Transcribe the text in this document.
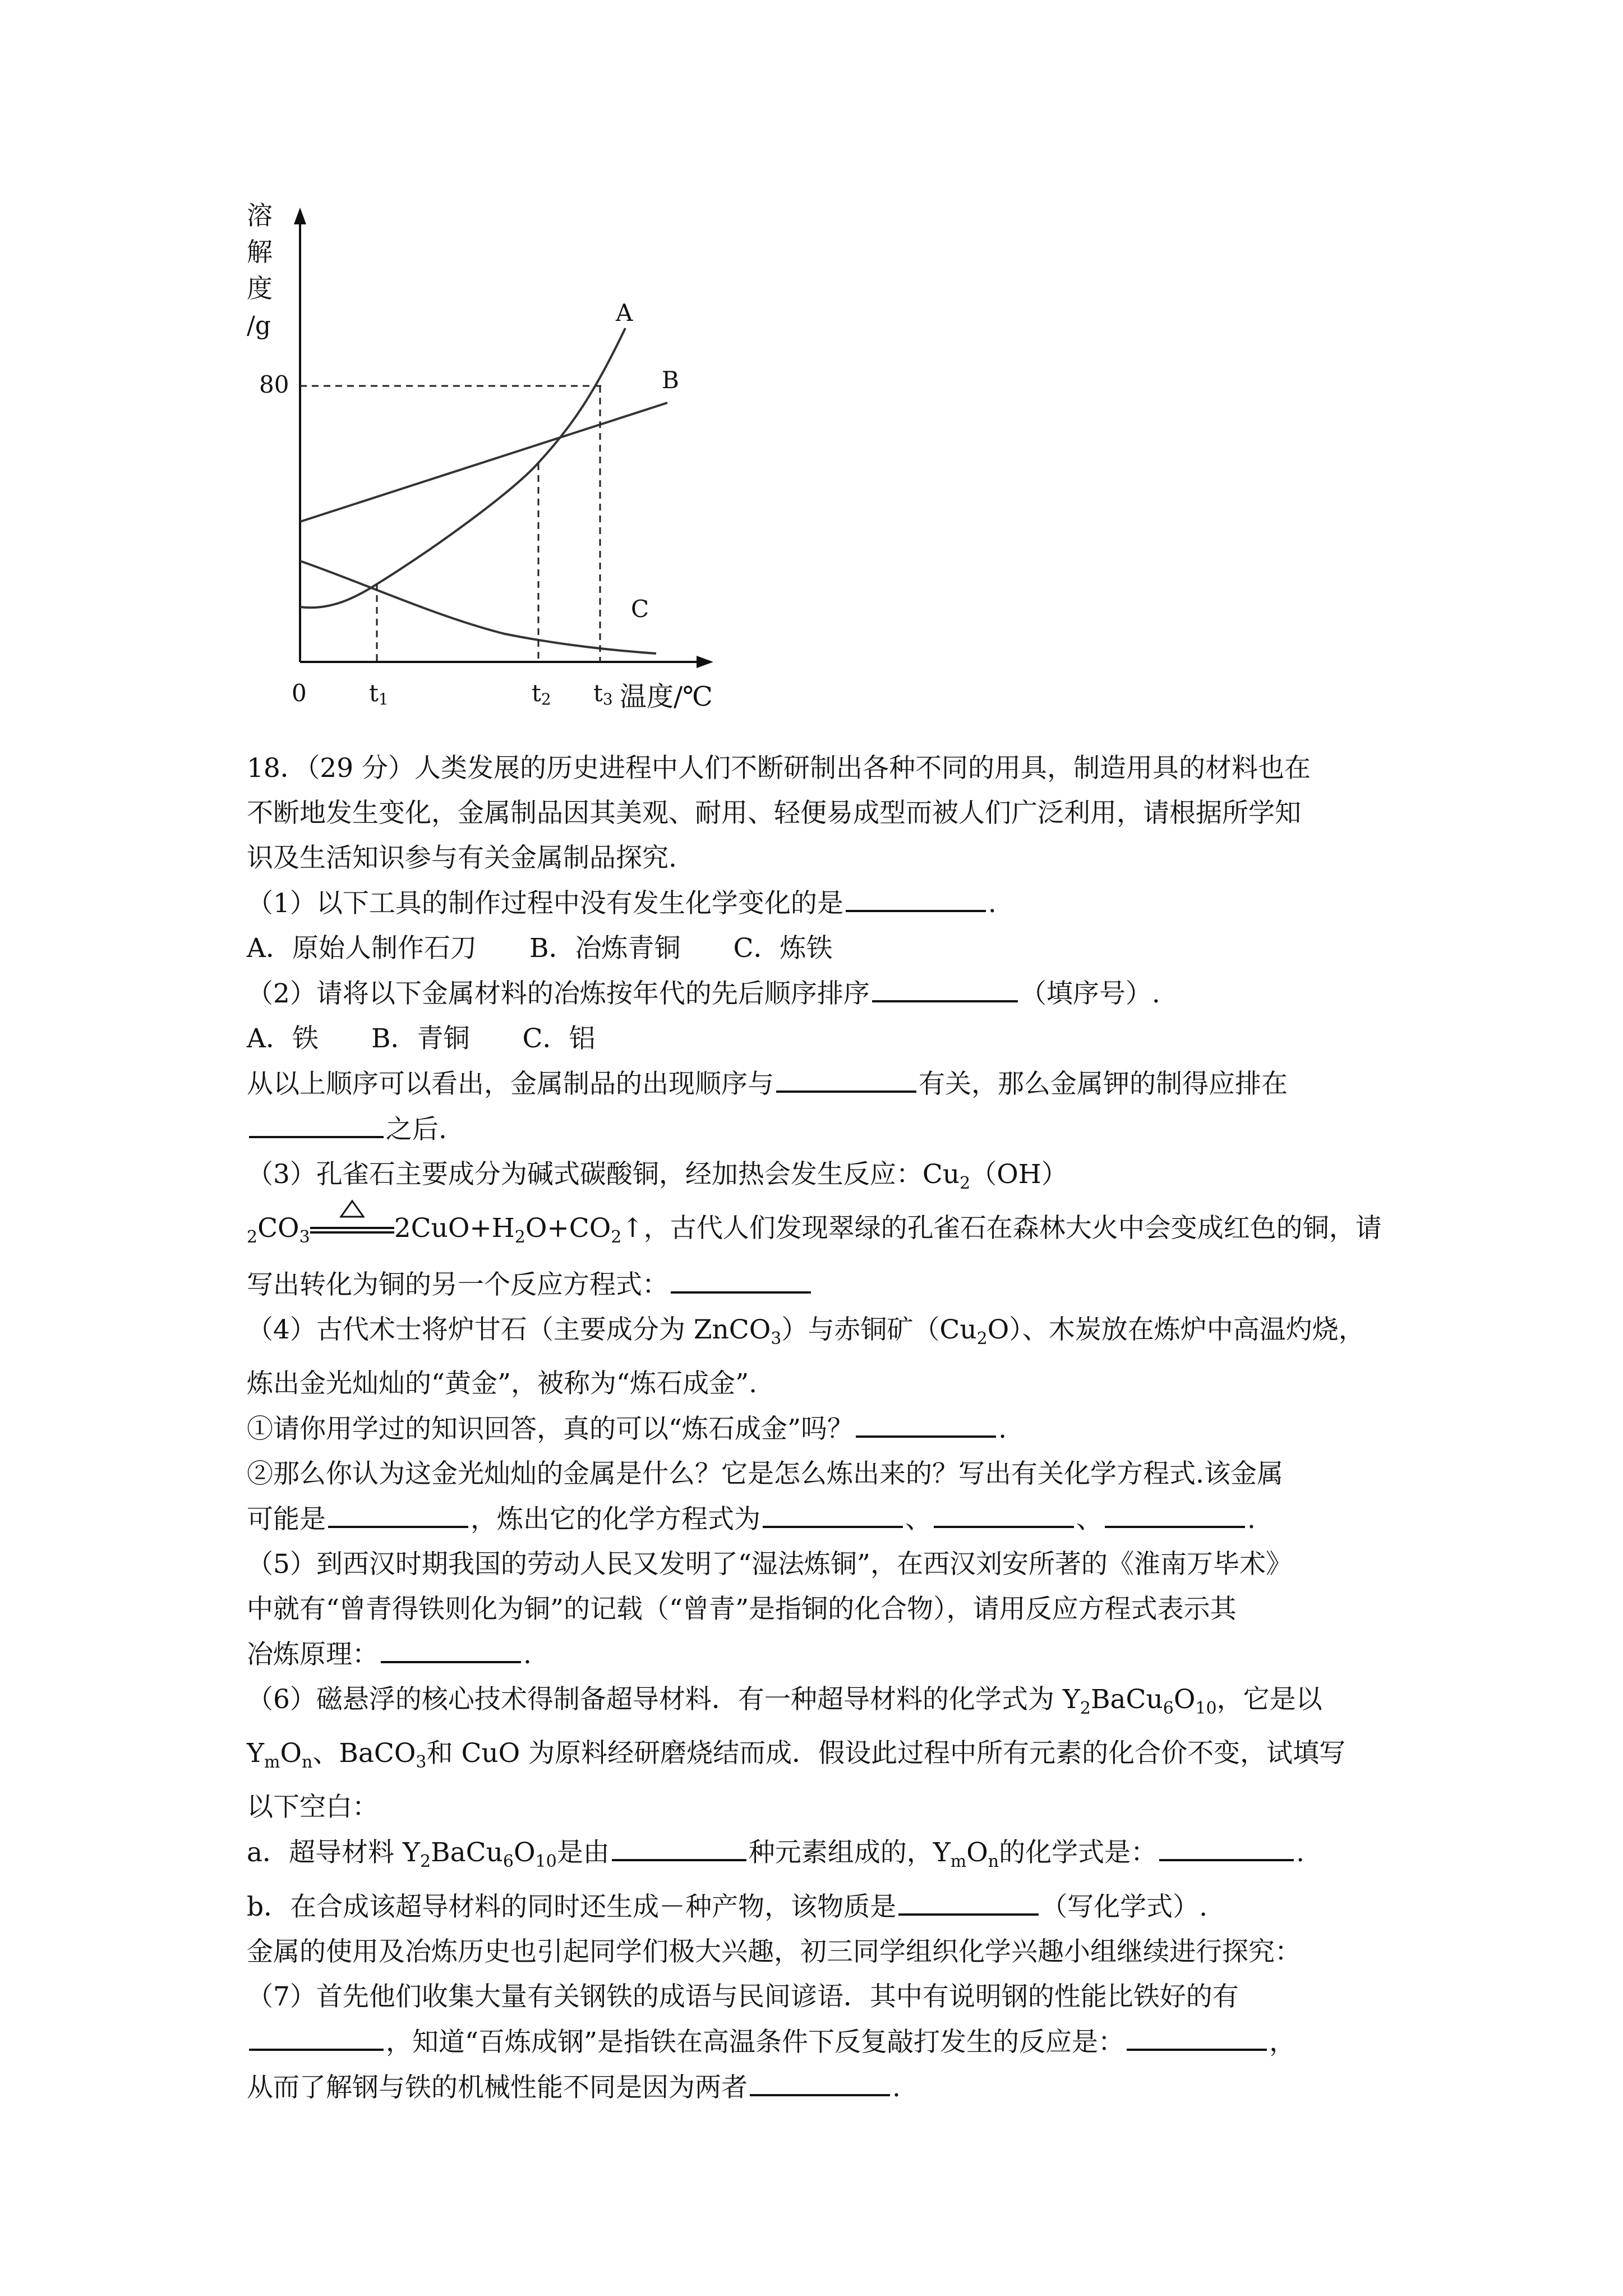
溶
解
度
/g
80
A
B
C
0	t1	t2 t3 温度/℃

18．（29 分）人类发展的历史进程中人们不断研制出各种不同的用具，制造用具的材料也在

不断地发生变化，金属制品因其美观、耐用、轻便易成型而被人们广泛利用，请根据所学知

识及生活知识参与有关金属制品探究.

（1）以下工具的制作过程中没有发生化学变化的是	.

A．原始人制作石刀　　B．冶炼青铜　　C．炼铁

（2）请将以下金属材料的冶炼按年代的先后顺序排序	（填序号）.

A．铁　　B．青铜　　C．铝

从以上顺序可以看出，金属制品的出现顺序与	有关，那么金属钾的制得应排在

之后.

（3）孔雀石主要成分为碱式碳酸铜，经加热会发生反应：$Cu_2(OH)$

$_2CO_3$	$2CuO+H_2O+CO_2↑$，古代人们发现翠绿的孔雀石在森林大火中会变成红色的铜，请

写出转化为铜的另一个反应方程式：

（4）古代术士将炉甘石（主要成分为 ZnCO$_3$）与赤铜矿$(Cu_2O)$、木炭放在炼炉中高温灼烧，

炼出金光灿灿的“黄金”，被称为“炼石成金”.

①请你用学过的知识回答，真的可以“炼石成金”吗？	.

②那么你认为这金光灿灿的金属是什么？它是怎么炼出来的？写出有关化学方程式.该金属

可能是	，炼出它的化学方程式为	、	、	.

（5）到西汉时期我国的劳动人民又发明了“湿法炼铜”，在西汉刘安所著的《淮南万毕术》

中就有“曾青得铁则化为铜”的记载（“曾青”是指铜的化合物），请用反应方程式表示其

冶炼原理：	.

（6）磁悬浮的核心技术得制备超导材料．有一种超导材料的化学式为 $Y_2BaCu_6O_{10}$，它是以

$Y_mO_n$、BaCO$_3$和 CuO 为原料经研磨烧结而成．假设此过程中所有元素的化合价不变，试填写

以下空白：

a．超导材料 $Y_2BaCu_6O_{10}$是由	种元素组成的，$Y_mO_n$的化学式是：	.

b．在合成该超导材料的同时还生成－种产物，该物质是	（写化学式）.

金属的使用及冶炼历史也引起同学们极大兴趣，初三同学组织化学兴趣小组继续进行探究：

（7）首先他们收集大量有关钢铁的成语与民间谚语．其中有说明钢的性能比铁好的有

，知道“百炼成钢”是指铁在高温条件下反复敲打发生的反应是：	，

从而了解钢与铁的机械性能不同是因为两者	.
